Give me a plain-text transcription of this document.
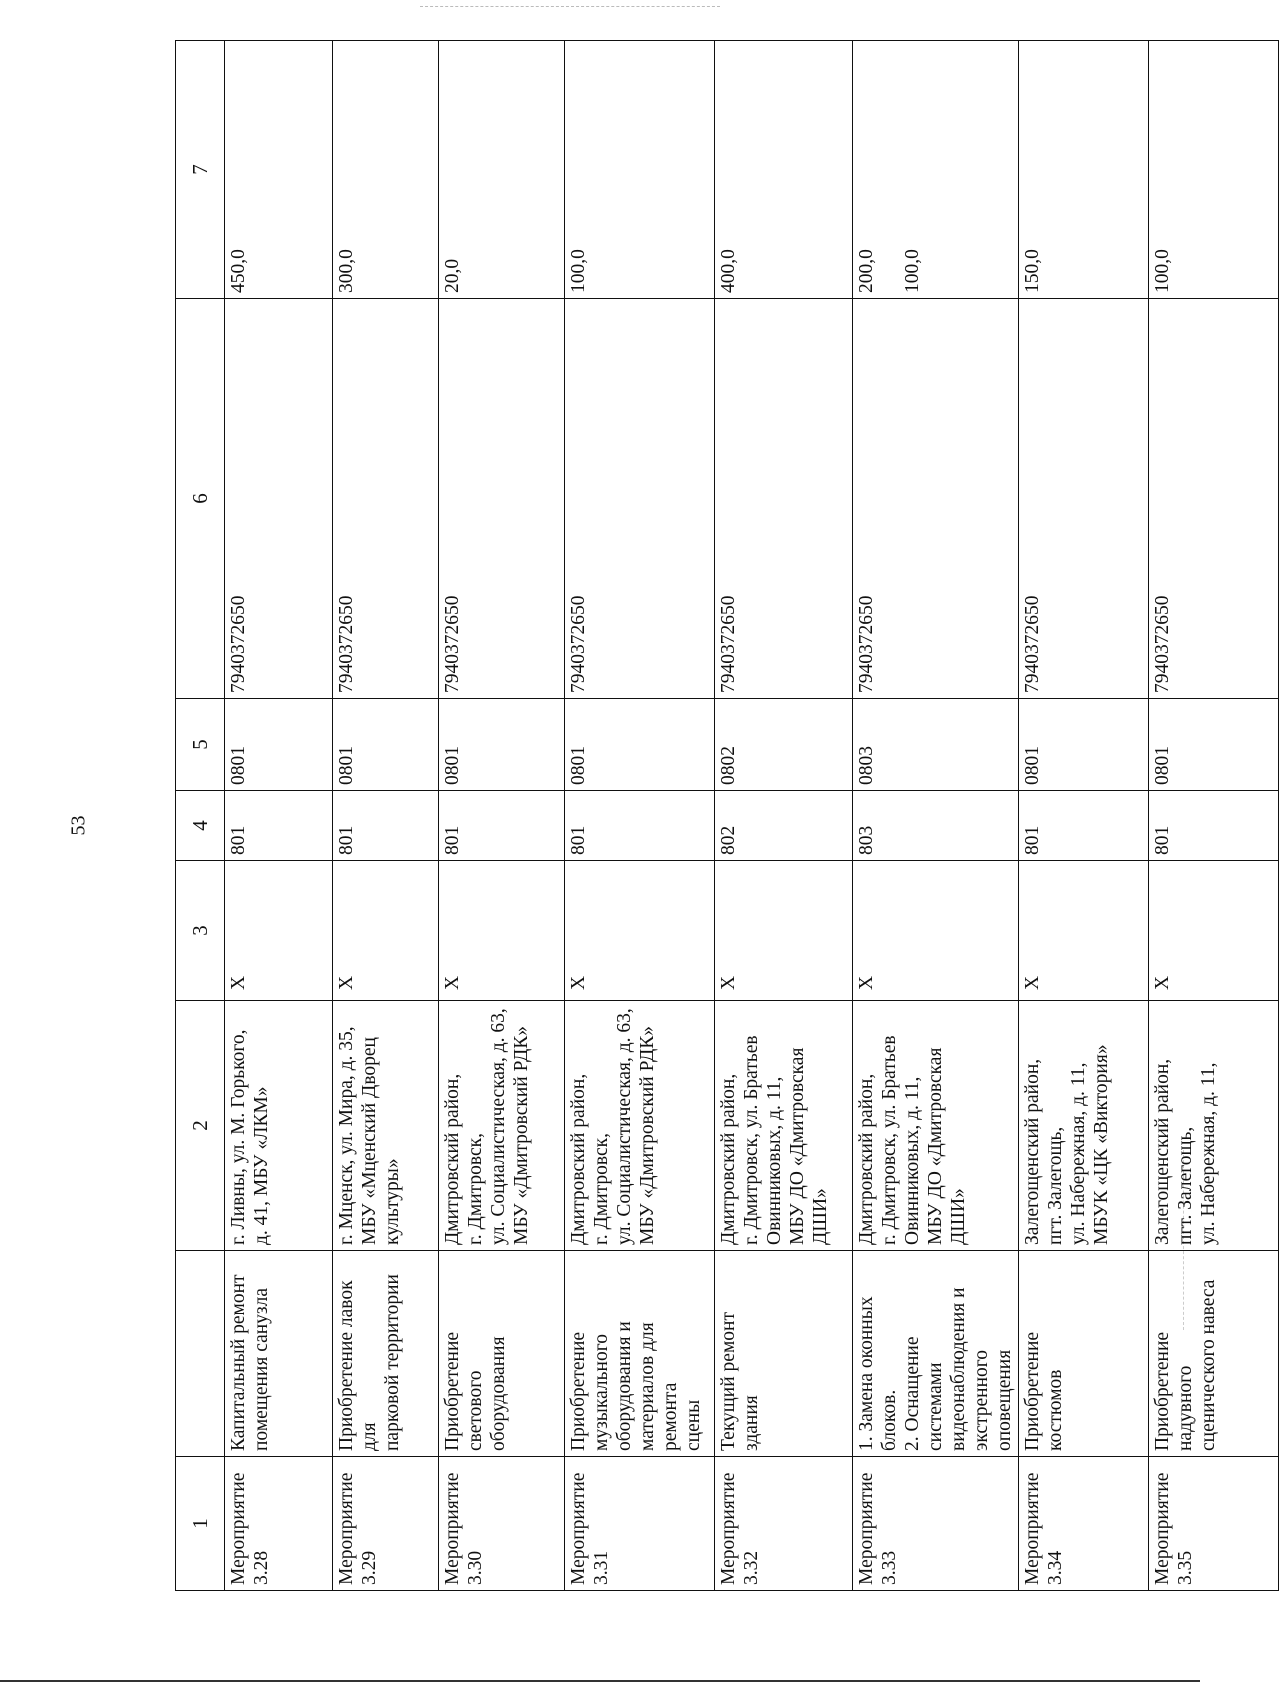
53
1		2	3	4	5	6	7

Мероприятие 3.28	Капитальный ремонт помещения санузла	г. Ливны, ул. М. Горького, д. 41, МБУ «ЛКМ»	Х	801	0801	7940372650	450,0

Мероприятие 3.29	Приобретение лавок для парковой территории	г. Мценск, ул. Мира, д. 35, МБУ «Мценский Дворец культуры»	Х	801	0801	7940372650	300,0

Мероприятие 3.30	Приобретение светового оборудования	Дмитровский район, г. Дмитровск, ул. Социалистическая, д. 63, МБУ «Дмитровский РДК»	Х	801	0801	7940372650	20,0

Мероприятие 3.31	Приобретение музыкального оборудования и материалов для ремонта сцены	Дмитровский район, г. Дмитровск, ул. Социалистическая, д. 63, МБУ «Дмитровский РДК»	Х	801	0801	7940372650	100,0

Мероприятие 3.32	Текущий ремонт здания	Дмитровский район, г. Дмитровск, ул. Братьев Овинниковых, д. 11, МБУ ДО «Дмитровская ДШИ»	Х	802	0802	7940372650	400,0

Мероприятие 3.33	1. Замена оконных блоков. 2. Оснащение системами видеонаблюдения и экстренного оповещения	Дмитровский район, г. Дмитровск, ул. Братьев Овинниковых, д. 11, МБУ ДО «Дмитровская ДШИ»	Х	803	0803	7940372650	200,0 100,0

Мероприятие 3.34	Приобретение костюмов	Залегощенский район, пгт. Залегощь, ул. Набережная, д. 11, МБУК «ЦК «Виктория»	Х	801	0801	7940372650	150,0

Мероприятие 3.35	Приобретение надувного сценического навеса	Залегощенский район, пгт. Залегощь, ул. Набережная, д. 11,	Х	801	0801	7940372650	100,0
